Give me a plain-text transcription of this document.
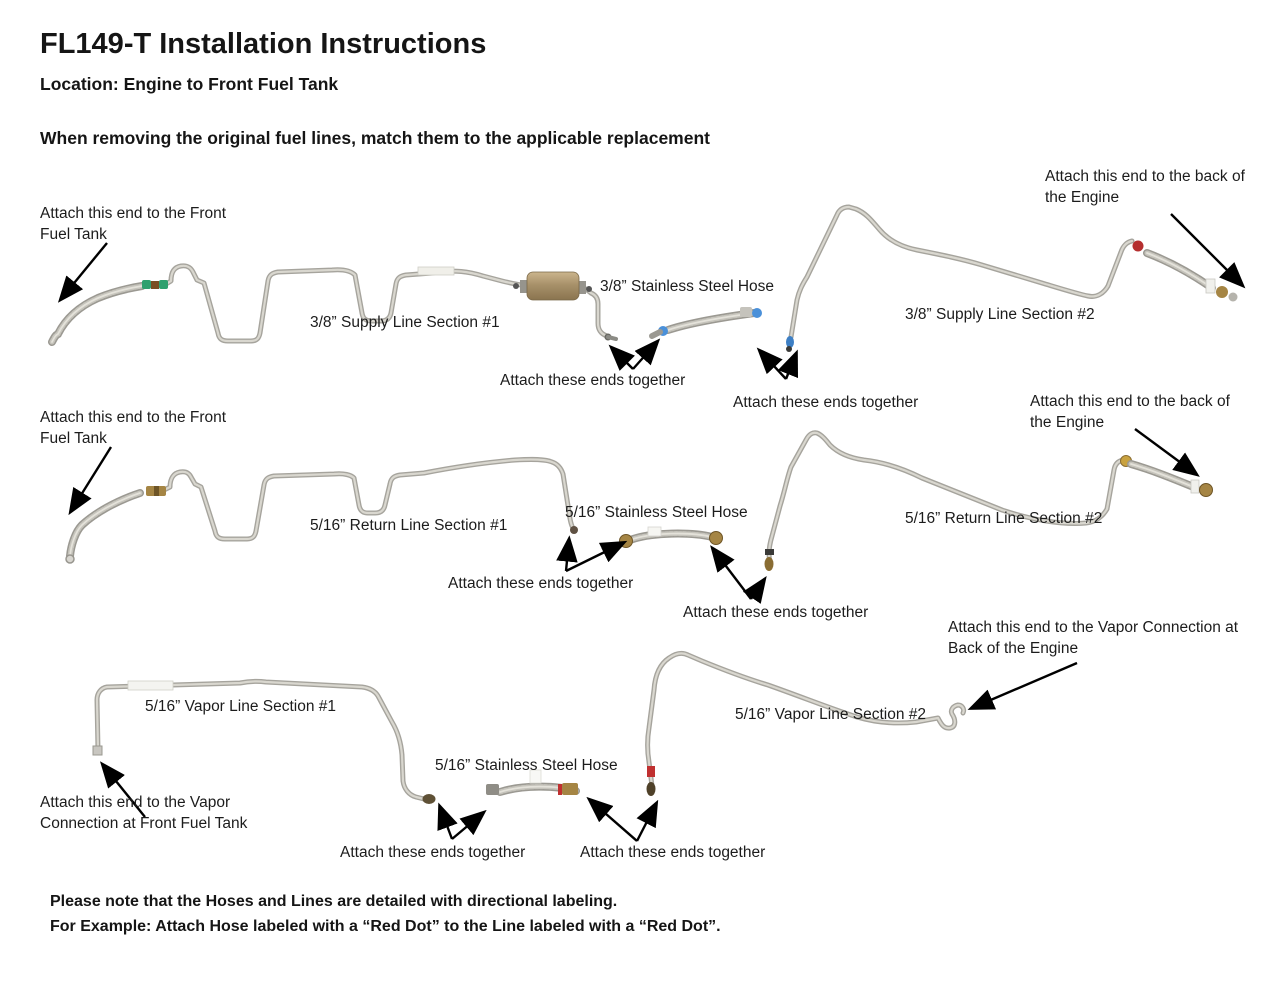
FL149-T Installation Instructions
Location: Engine to Front Fuel Tank
When removing the original fuel lines, match them to the applicable replacement
Attach this end to the Front Fuel Tank
3/8” Supply Line Section #1
3/8” Stainless Steel Hose
Attach these ends together
Attach these ends together
3/8” Supply Line Section #2
Attach this end to the back of the Engine
Attach this end to the Front Fuel Tank
5/16” Return Line Section #1
5/16” Stainless Steel Hose
Attach these ends together
Attach these ends together
5/16” Return Line Section #2
Attach this end to the back of the Engine
5/16” Vapor Line Section #1
Attach this end to the Vapor Connection at Front Fuel Tank
5/16” Stainless Steel Hose
Attach these ends together	Attach these ends together
5/16” Vapor Line Section #2
Attach this end to the Vapor Connection at Back of the Engine
Please note that the Hoses and Lines are detailed with directional labeling.
For Example: Attach Hose labeled with a “Red Dot” to the Line labeled with a “Red Dot”.
